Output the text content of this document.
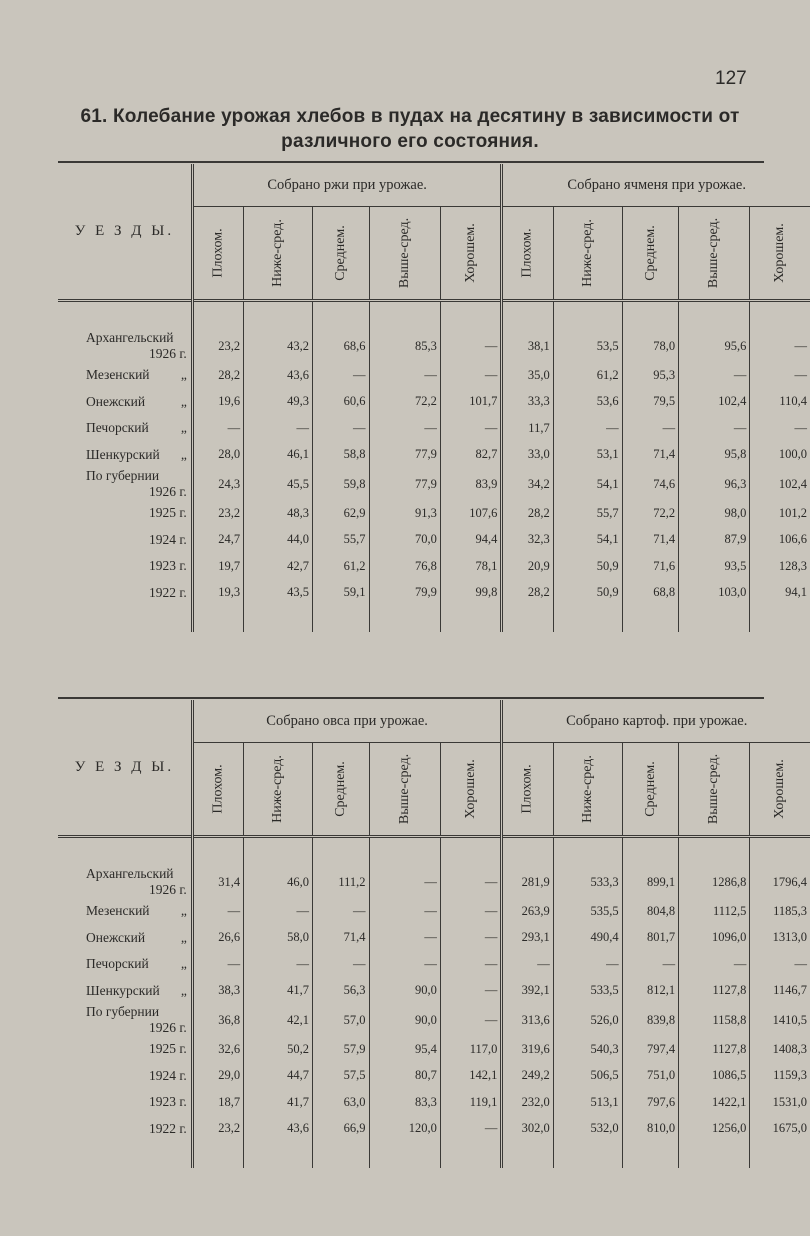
127
61. Колебание урожая хлебов в пудах на десятину в зависимости от различного его состояния.
У Е З Д Ы.	Собрано ржи при урожае.					Собрано ячменя при урожае.				
	Плохом.	Ниже-сред.	Среднем.	Выше-сред.	Хорошем.	Плохом.	Ниже-сред.	Среднем.	Выше-сред.	Хорошем.

Архангельский
1926 г.	23,2	43,2	68,6	85,3	—	38,1	53,5	78,0	95,6	—
Мезенский „	28,2	43,6	—	—	—	35,0	61,2	95,3	—	—
Онежский „	19,6	49,3	60,6	72,2	101,7	33,3	53,6	79,5	102,4	110,4
Печорский „	—	—	—	—	—	11,7	—	—	—	—
Шенкурский „	28,0	46,1	58,8	77,9	82,7	33,0	53,1	71,4	95,8	100,0
По губернии
1926 г.	24,3	45,5	59,8	77,9	83,9	34,2	54,1	74,6	96,3	102,4

1925 г.	23,2	48,3	62,9	91,3	107,6	28,2	55,7	72,2	98,0	101,2

1924 г.	24,7	44,0	55,7	70,0	94,4	32,3	54,1	71,4	87,9	106,6

1923 г.	19,7	42,7	61,2	76,8	78,1	20,9	50,9	71,6	93,5	128,3

1922 г.	19,3	43,5	59,1	79,9	99,8	28,2	50,9	68,8	103,0	94,1

У Е З Д Ы.	Собрано овса при урожае.					Собрано картоф. при урожае.				
	Плохом.	Ниже-сред.	Среднем.	Выше-сред.	Хорошем.	Плохом.	Ниже-сред.	Среднем.	Выше-сред.	Хорошем.

Архангельский
1926 г.	31,4	46,0	111,2	—	—	281,9	533,3	899,1	1286,8	1796,4
Мезенский „	—	—	—	—	—	263,9	535,5	804,8	1112,5	1185,3
Онежский „	26,6	58,0	71,4	—	—	293,1	490,4	801,7	1096,0	1313,0
Печорский „	—	—	—	—	—	—	—	—	—	—
Шенкурский „	38,3	41,7	56,3	90,0	—	392,1	533,5	812,1	1127,8	1146,7
По губернии
1926 г.	36,8	42,1	57,0	90,0	—	313,6	526,0	839,8	1158,8	1410,5

1925 г.	32,6	50,2	57,9	95,4	117,0	319,6	540,3	797,4	1127,8	1408,3

1924 г.	29,0	44,7	57,5	80,7	142,1	249,2	506,5	751,0	1086,5	1159,3

1923 г.	18,7	41,7	63,0	83,3	119,1	232,0	513,1	797,6	1422,1	1531,0

1922 г.	23,2	43,6	66,9	120,0	—	302,0	532,0	810,0	1256,0	1675,0
